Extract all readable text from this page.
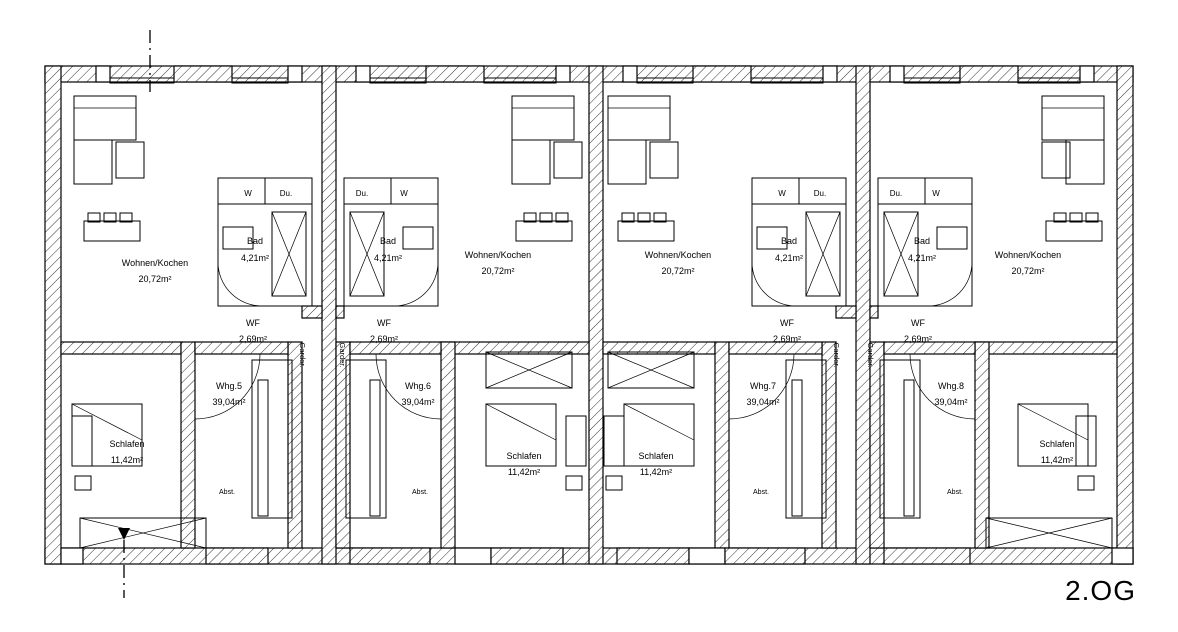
Wohnen/Kochen
20,72m²
Bad
4,21m²
W	Du.
WF
2,69m²
Whg.5
39,04m²
Schlafen
11,42m²
Abst.
Garder.
Wohnen/Kochen
20,72m²
Bad
4,21m²
Du.	W
WF
2,69m²
Whg.6
39,04m²
Schlafen
11,42m²
Abst.
Garder.
Wohnen/Kochen
20,72m²
Bad
4,21m²
W	Du.
WF
2,69m²
Whg.7
39,04m²
Schlafen
11,42m²
Abst.
Garder.
Wohnen/Kochen
20,72m²
Bad
4,21m²
Du.	W
WF
2,69m²
Whg.8
39,04m²
Schlafen
11,42m²
Abst.
Garder.
2.OG
